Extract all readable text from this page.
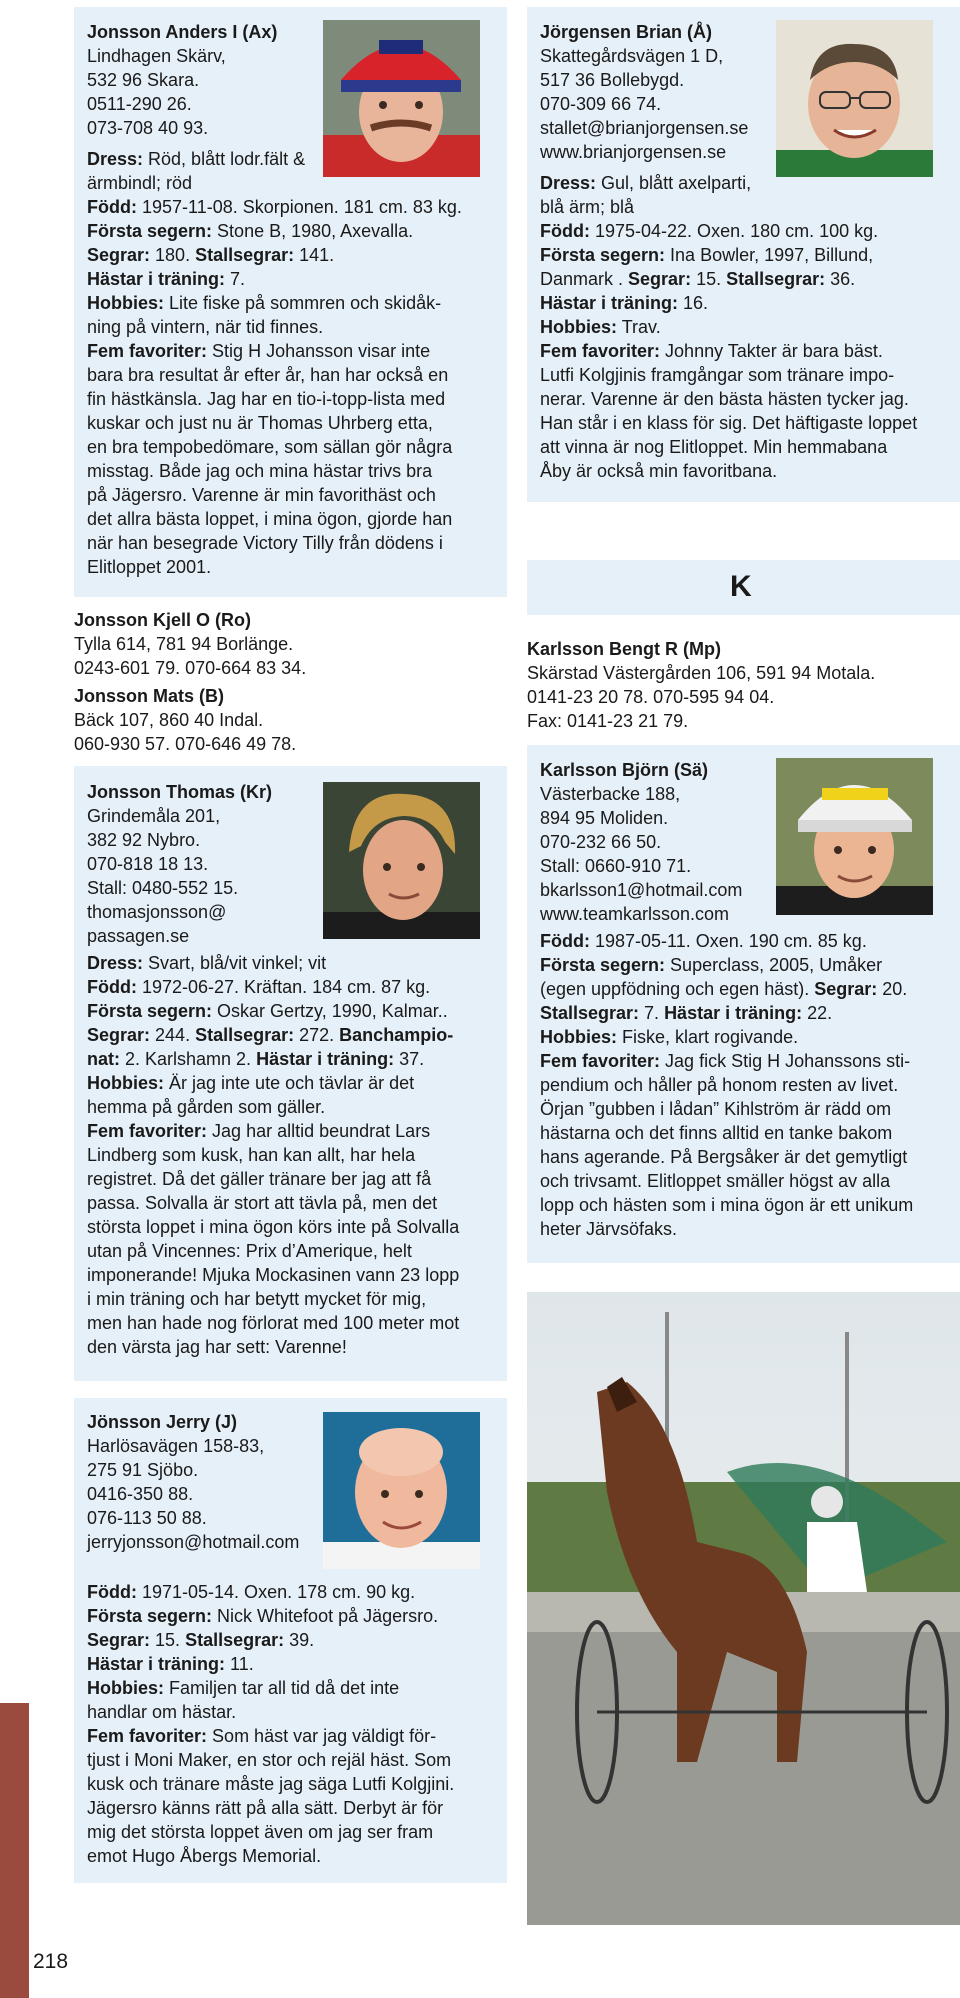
K
Jonsson Anders I (Ax)
Lindhagen Skärv,
532 96 Skara.
0511-290 26.
073-708 40 93.
Dress: Röd, blått lodr.fält &
ärmbindl; röd
Född: 1957-11-08. Skorpionen. 181 cm. 83 kg.
Första segern: Stone B, 1980, Axevalla.
Segrar: 180. Stallsegrar: 141.
Hästar i träning: 7.
Hobbies: Lite fiske på sommren och skidåk-
ning på vintern, när tid finnes.
Fem favoriter: Stig H Johansson visar inte
bara bra resultat år efter år, han har också en
fin hästkänsla. Jag har en tio-i-topp-lista med
kuskar och just nu är Thomas Uhrberg etta,
en bra tempobedömare, som sällan gör några
misstag. Både jag och mina hästar trivs bra
på Jägersro. Varenne är min favorithäst och
det allra bästa loppet, i mina ögon, gjorde han
när han besegrade Victory Tilly från dödens i
Elitloppet 2001.
Jonsson Kjell O (Ro)
Tylla 614, 781 94 Borlänge.
0243-601 79. 070-664 83 34.
Jonsson Mats (B)
Bäck 107, 860 40 Indal.
060-930 57. 070-646 49 78.
Jonsson Thomas (Kr)
Grindemåla 201,
382 92 Nybro.
070-818 18 13.
Stall: 0480-552 15.
thomasjonsson@
passagen.se
Dress: Svart, blå/vit vinkel; vit
Född: 1972-06-27. Kräftan. 184 cm. 87 kg.
Första segern: Oskar Gertzy, 1990, Kalmar..
Segrar: 244. Stallsegrar: 272. Banchampio-
nat: 2. Karlshamn 2. Hästar i träning: 37.
Hobbies: Är jag inte ute och tävlar är det
hemma på gården som gäller.
Fem favoriter: Jag har alltid beundrat Lars
Lindberg som kusk, han kan allt, har hela
registret. Då det gäller tränare ber jag att få
passa. Solvalla är stort att tävla på, men det
största loppet i mina ögon körs inte på Solvalla
utan på Vincennes: Prix d’Amerique, helt
imponerande! Mjuka Mockasinen vann 23 lopp
i min träning och har betytt mycket för mig,
men han hade nog förlorat med 100 meter mot
den värsta jag har sett: Varenne!
Jönsson Jerry (J)
Harlösavägen 158-83,
275 91 Sjöbo.
0416-350 88.
076-113 50 88.
jerryjonsson@hotmail.com
Född: 1971-05-14. Oxen. 178 cm. 90 kg.
Första segern: Nick Whitefoot på Jägersro.
Segrar: 15. Stallsegrar: 39.
Hästar i träning: 11.
Hobbies: Familjen tar all tid då det inte
handlar om hästar.
Fem favoriter: Som häst var jag väldigt för-
tjust i Moni Maker, en stor och rejäl häst. Som
kusk och tränare måste jag säga Lutfi Kolgjini.
Jägersro känns rätt på alla sätt. Derbyt är för
mig det största loppet även om jag ser fram
emot Hugo Åbergs Memorial.
Jörgensen Brian (Å)
Skattegårdsvägen 1 D,
517 36 Bollebygd.
070-309 66 74.
stallet@brianjorgensen.se
www.brianjorgensen.se
Dress: Gul, blått axelparti,
blå ärm; blå
Född: 1975-04-22. Oxen. 180 cm. 100 kg.
Första segern: Ina Bowler, 1997, Billund,
Danmark . Segrar: 15. Stallsegrar: 36.
Hästar i träning: 16.
Hobbies: Trav.
Fem favoriter: Johnny Takter är bara bäst.
Lutfi Kolgjinis framgångar som tränare impo-
nerar. Varenne är den bästa hästen tycker jag.
Han står i en klass för sig. Det häftigaste loppet
att vinna är nog Elitloppet. Min hemmabana
Åby är också min favoritbana.
Karlsson Bengt R (Mp)
Skärstad Västergården 106, 591 94 Motala.
0141-23 20 78. 070-595 94 04.
Fax: 0141-23 21 79.
Karlsson Björn (Sä)
Västerbacke 188,
894 95 Moliden.
070-232 66 50.
Stall: 0660-910 71.
bkarlsson1@hotmail.com
www.teamkarlsson.com
Född: 1987-05-11. Oxen. 190 cm. 85 kg.
Första segern: Superclass, 2005, Umåker
(egen uppfödning och egen häst). Segrar: 20.
Stallsegrar: 7. Hästar i träning: 22.
Hobbies: Fiske, klart rogivande.
Fem favoriter: Jag fick Stig H Johanssons sti-
pendium och håller på honom resten av livet.
Örjan ”gubben i lådan” Kihlström är rädd om
hästarna och det finns alltid en tanke bakom
hans agerande. På Bergsåker är det gemytligt
och trivsamt. Elitloppet smäller högst av alla
lopp och hästen som i mina ögon är ett unikum
heter Järvsöfaks.
218
